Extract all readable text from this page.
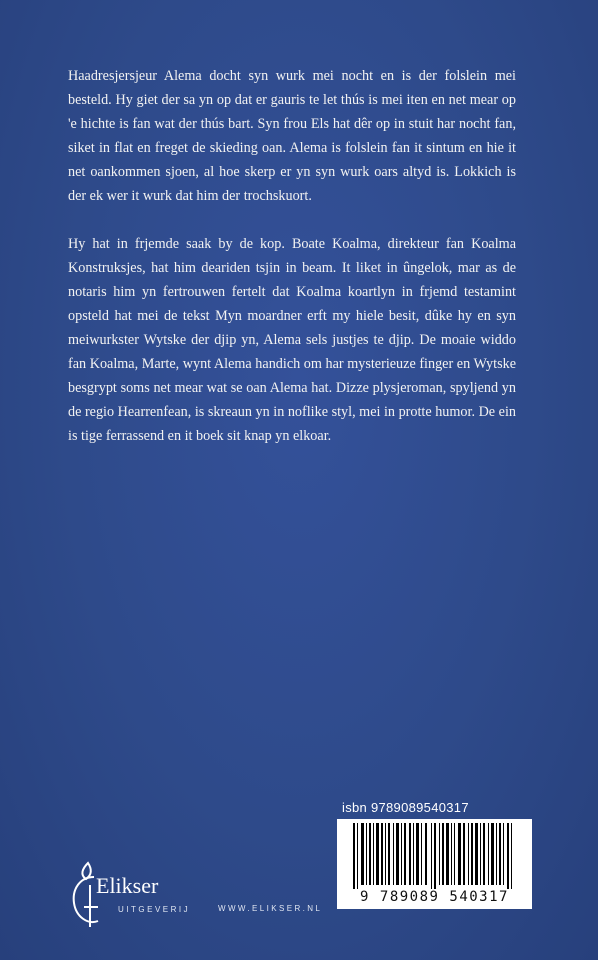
Haadresjersjeur Alema docht syn wurk mei nocht en is der folslein mei besteld. Hy giet der sa yn op dat er gauris te let thús is mei iten en net mear op 'e hichte is fan wat der thús bart. Syn frou Els hat dêr op in stuit har nocht fan, siket in flat en freget de skieding oan. Alema is folslein fan it sintum en hie it net oankommen sjoen, al hoe skerp er yn syn wurk oars altyd is. Lokkich is der ek wer it wurk dat him der trochskuort.

Hy hat in frjemde saak by de kop. Boate Koalma, direkteur fan Koalma Konstruksjes, hat him deariden tsjin in beam. It liket in ûngelok, mar as de notaris him yn fertrouwen fertelt dat Koalma koartlyn in frjemd testamint opsteld hat mei de tekst Myn moardner erft my hiele besit, dûke hy en syn meiwurkster Wytske der djip yn, Alema sels justjes te djip. De moaie widdo fan Koalma, Marte, wynt Alema handich om har mysterieuze finger en Wytske besgrypt soms net mear wat se oan Alema hat. Dizze plysjeroman, spyljend yn de regio Hearrenfean, is skreaun yn in noflike styl, mei in protte humor. De ein is tige ferrassend en it boek sit knap yn elkoar.

isbn 9789089540317
9 789089 540317
Elikser
UITGEVERIJ	WWW.ELIKSER.NL
